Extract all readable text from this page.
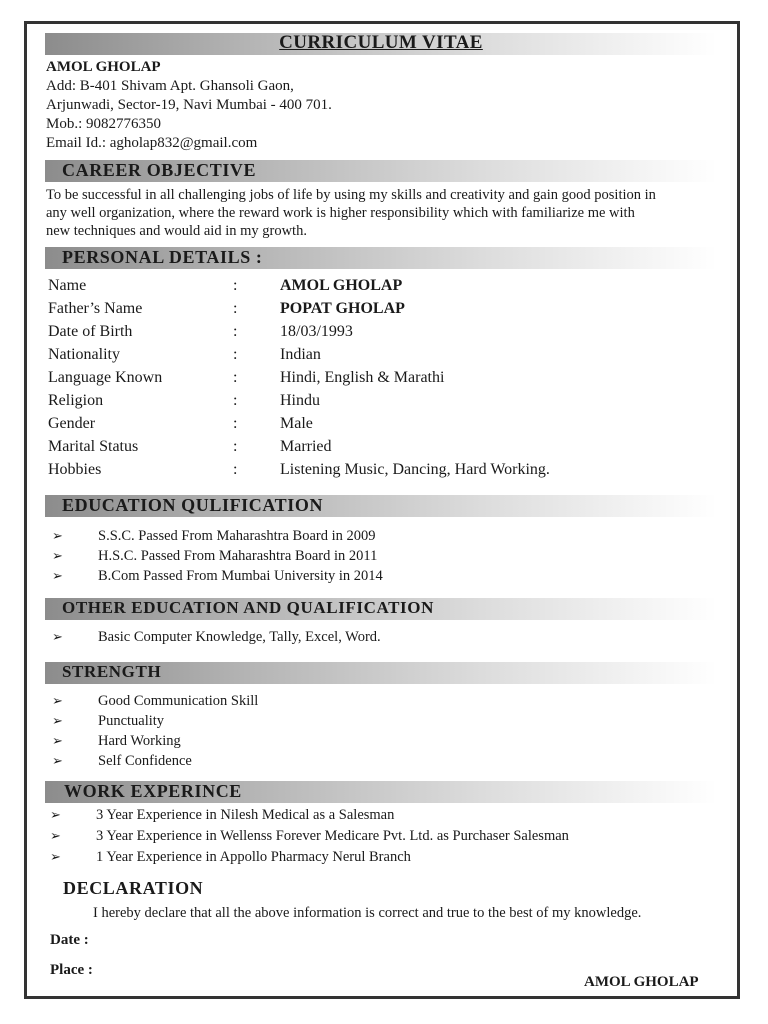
CURRICULUM VITAE
AMOL GHOLAP
Add: B-401 Shivam Apt. Ghansoli Gaon,
Arjunwadi, Sector-19, Navi Mumbai - 400 701.
Mob.: 9082776350
Email Id.: agholap832@gmail.com
CAREER OBJECTIVE
To be successful in all challenging jobs of life by using my skills and creativity and gain good position in
any well organization, where the reward work is higher responsibility which with familiarize me with
new techniques and would aid in my growth.
PERSONAL DETAILS :
Name	:	AMOL GHOLAP
Father’s Name	:	POPAT GHOLAP
Date of Birth	:	18/03/1993
Nationality	:	Indian
Language Known	:	Hindi, English & Marathi
Religion	:	Hindu
Gender	:	Male
Marital Status	:	Married
Hobbies	:	Listening Music, Dancing, Hard Working.
EDUCATION QULIFICATION
➢ S.S.C. Passed From Maharashtra Board in 2009
➢ H.S.C. Passed From Maharashtra Board in 2011
➢ B.Com Passed From Mumbai University in 2014
OTHER EDUCATION AND QUALIFICATION
➢ Basic Computer Knowledge, Tally, Excel, Word.
STRENGTH
➢ Good Communication Skill
➢ Punctuality
➢ Hard Working
➢ Self Confidence
WORK EXPERINCE
➢ 3 Year Experience in Nilesh Medical as a Salesman
➢ 3 Year Experience in Wellenss Forever Medicare Pvt. Ltd. as Purchaser Salesman
➢ 1 Year Experience in Appollo Pharmacy Nerul Branch
DECLARATION
I hereby declare that all the above information is correct and true to the best of my knowledge.
Date :
Place :
AMOL GHOLAP
